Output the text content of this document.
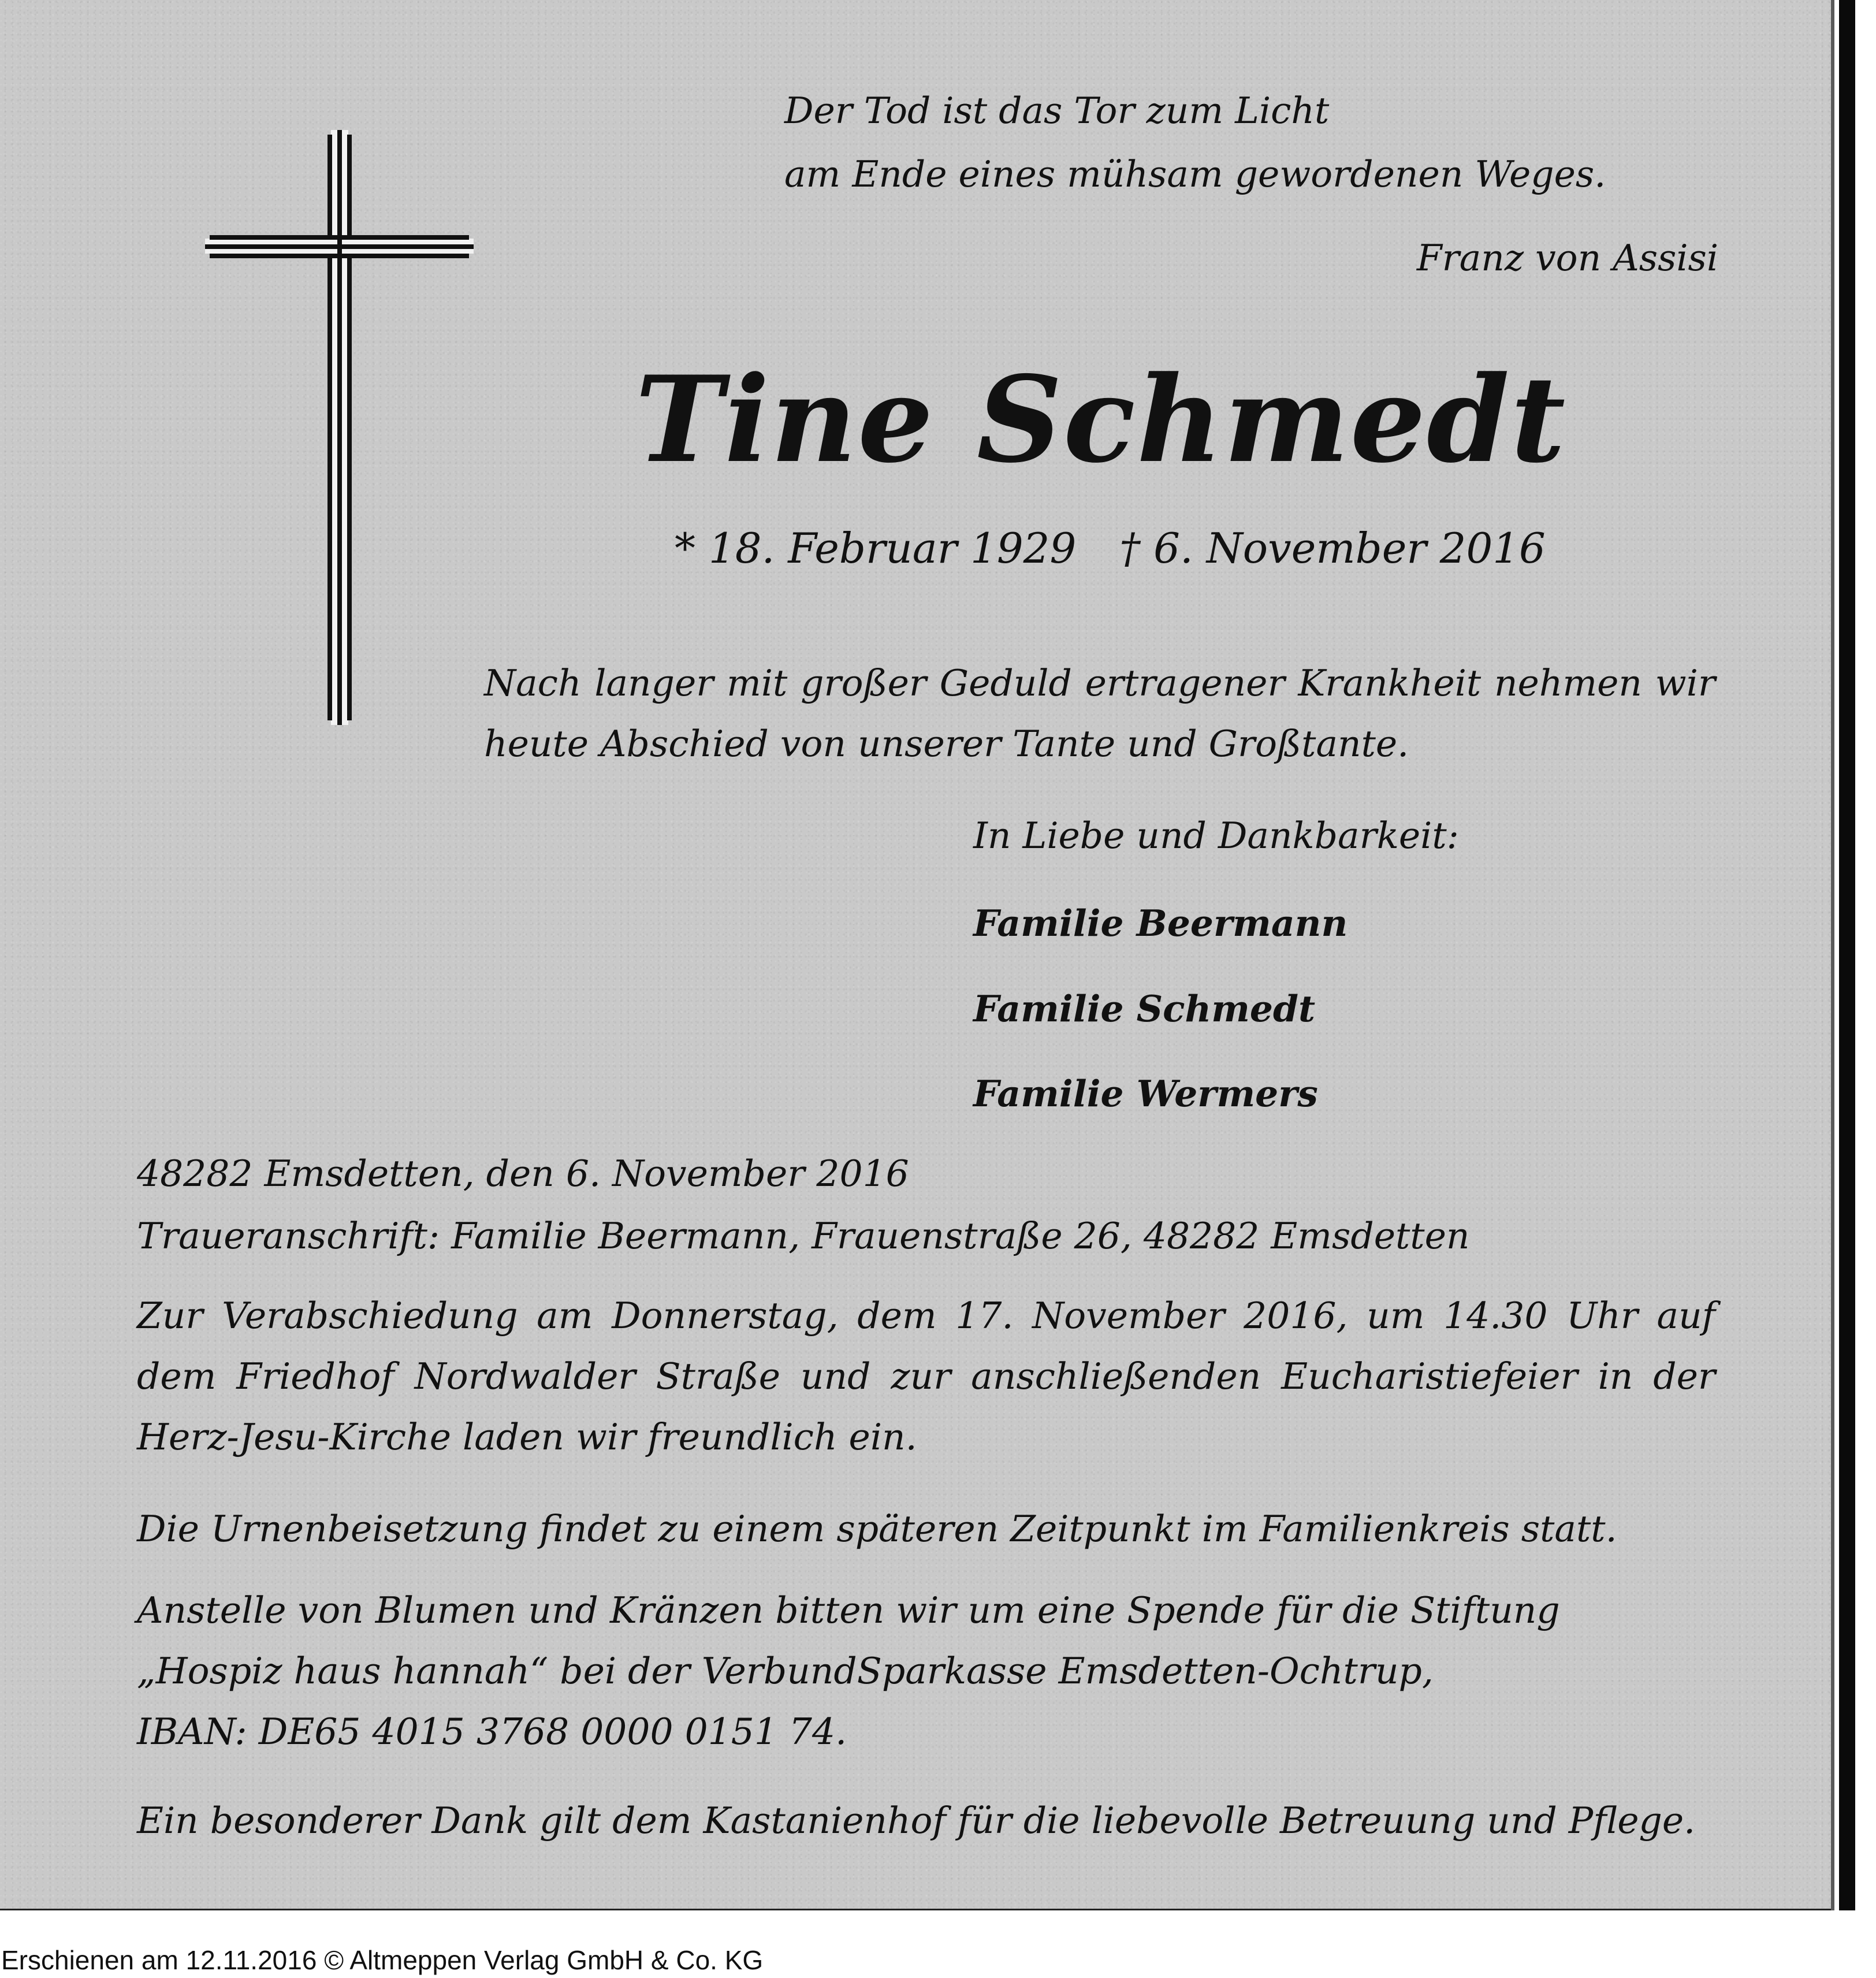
Der Tod ist das Tor zum Licht

am Ende eines mühsam gewordenen Weges.

Franz von Assisi

Tine Schmedt
* 18. Februar 1929 † 6. November 2016

Nach langer mit großer Geduld ertragener Krankheit nehmen wir
heute Abschied von unserer Tante und Großtante.

In Liebe und Dankbarkeit:

Familie Beermann
Familie Schmedt
Familie Wermers

48282 Emsdetten, den 6. November 2016

Traueranschrift: Familie Beermann, Frauenstraße 26, 48282 Emsdetten

Zur Verabschiedung am Donnerstag, dem 17. November 2016, um 14.30 Uhr auf
dem Friedhof Nordwalder Straße und zur anschließenden Eucharistiefeier in der
Herz-Jesu-Kirche laden wir freundlich ein.

Die Urnenbeisetzung findet zu einem späteren Zeitpunkt im Familienkreis statt.

Anstelle von Blumen und Kränzen bitten wir um eine Spende für die Stiftung
„Hospiz haus hannah“ bei der VerbundSparkasse Emsdetten-Ochtrup,
IBAN: DE65 4015 3768 0000 0151 74.

Ein besonderer Dank gilt dem Kastanienhof für die liebevolle Betreuung und Pflege.

Erschienen am 12.11.2016 © Altmeppen Verlag GmbH & Co. KG
